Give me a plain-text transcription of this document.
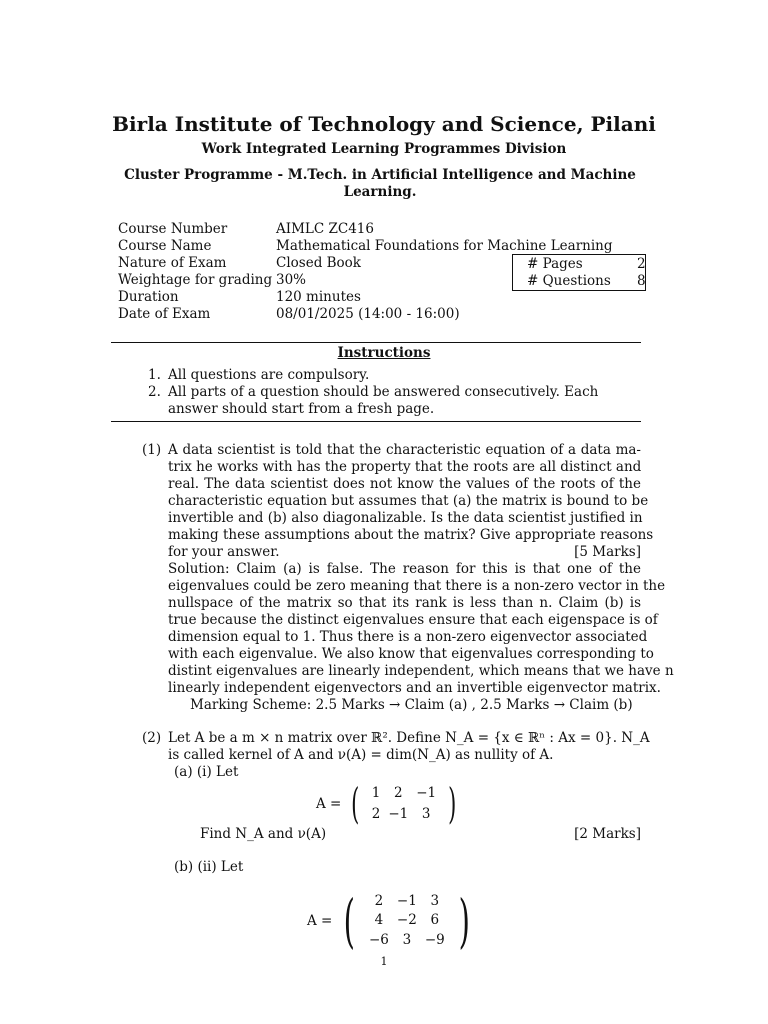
Birla Institute of Technology and Science, Pilani
Work Integrated Learning Programmes Division
Cluster Programme - M.Tech. in Artificial Intelligence and Machine Learning.
Course Number	AIMLC ZC416
Course Name	Mathematical Foundations for Machine Learning
Nature of Exam	Closed Book
Weightage for grading 30%
Duration	120 minutes
Date of Exam	08/01/2025 (14:00 - 16:00)
# Pages	2
# Questions 8
Instructions
1. All questions are compulsory.
2. All parts of a question should be answered consecutively. Each answer should start from a fresh page.
(1) A data scientist is told that the characteristic equation of a data ma-
trix he works with has the property that the roots are all distinct and
real. The data scientist does not know the values of the roots of the
characteristic equation but assumes that (a) the matrix is bound to be
invertible and (b) also diagonalizable. Is the data scientist justified in
making these assumptions about the matrix? Give appropriate reasons
for your answer.	[5 Marks]
Solution: Claim (a) is false. The reason for this is that one of the
eigenvalues could be zero meaning that there is a non-zero vector in the
nullspace of the matrix so that its rank is less than n. Claim (b) is
true because the distinct eigenvalues ensure that each eigenspace is of
dimension equal to 1. Thus there is a non-zero eigenvector associated
with each eigenvalue. We also know that eigenvalues corresponding to
distint eigenvalues are linearly independent, which means that we have n
linearly independent eigenvectors and an invertible eigenvector matrix.
Marking Scheme: 2.5 Marks → Claim (a) , 2.5 Marks → Claim (b)
(2) Let A be a m × n matrix over ℝ². Define N_A = {x ∈ ℝⁿ : Ax = 0}. N_A
is called kernel of A and ν(A) = dim(N_A) as nullity of A.
(a) (i) Let
A =	(	1	2	−1	)
		2	−1	3	
Find N_A and ν(A)	[2 Marks]
(b) (ii) Let
A =	(	2	−1	3	)
		4	−2	6	
		−6	3	−9	
1
